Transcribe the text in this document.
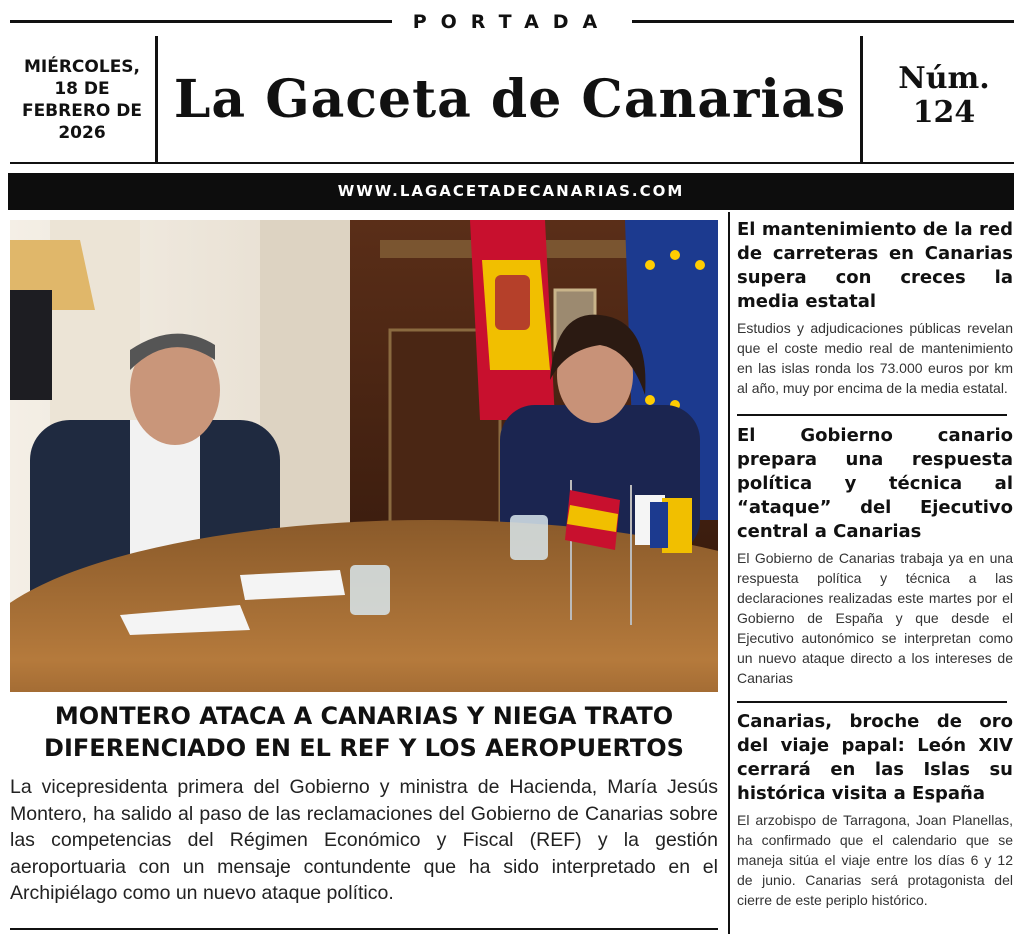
PORTADA
MIÉRCOLES, 18 DE FEBRERO DE 2026
La Gaceta de Canarias	Núm.
124
WWW.LAGACETADECANARIAS.COM
MONTERO ATACA A CANARIAS Y NIEGA TRATO DIFERENCIADO EN EL REF Y LOS AEROPUERTOS
La vicepresidenta primera del Gobierno y ministra de Hacienda, María Jesús Montero, ha salido al paso de las reclamaciones del Gobierno de Canarias sobre las competencias del Régimen Económico y Fiscal (REF) y la gestión aeroportuaria con un mensaje contundente que ha sido interpretado en el Archipiélago como un nuevo ataque político.
El mantenimiento de la red de carreteras en Canarias supera con creces la media estatal

Estudios y adjudicaciones públicas revelan que el coste medio real de mantenimiento en las islas ronda los 73.000 euros por km al año, muy por encima de la media estatal.

El Gobierno canario prepara una respuesta política y técnica al “ataque” del Ejecutivo central a Canarias

El Gobierno de Canarias trabaja ya en una respuesta política y técnica a las declaraciones realizadas este martes por el Gobierno de España y que desde el Ejecutivo autonómico se interpretan como un nuevo ataque directo a los intereses de Canarias

Canarias, broche de oro del viaje papal: León XIV cerrará en las Islas su histórica visita a España

El arzobispo de Tarragona, Joan Planellas, ha confirmado que el calendario que se maneja sitúa el viaje entre los días 6 y 12 de junio. Canarias será protagonista del cierre de este periplo histórico.
